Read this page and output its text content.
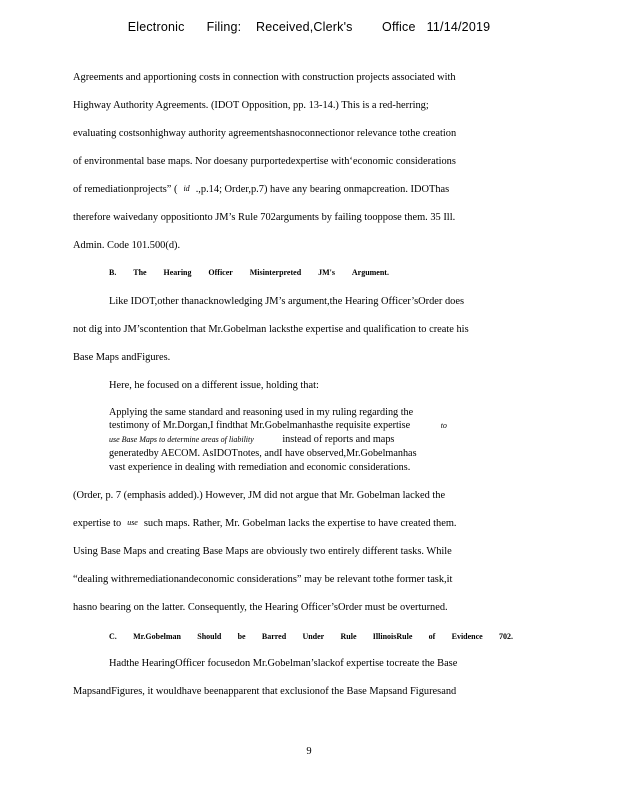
Electronic      Filing:    Received,Clerk's        Office   11/14/2019
Agreements and apportioning costs in connection with construction projects associated with
Highway Authority Agreements. (IDOT Opposition, pp. 13-14.) This is a red-herring;
evaluating costsonhighway authority agreementshasnoconnectionor relevance tothe creation
of environmental base maps. Nor doesany purportedexpertise with‘economic considerations
of remediationprojects” ( id .,p.14; Order,p.7) have any bearing onmapcreation. IDOThas
therefore waivedany oppositionto JM’s Rule 702arguments by failing tooppose them. 35 Ill.
Admin. Code 101.500(d).
B. The Hearing Officer Misinterpreted JM's Argument.
Like IDOT,other thanacknowledging JM’s argument,the Hearing Officer’sOrder does
not dig into JM’scontention that Mr.Gobelman lacksthe expertise and qualification to create his
Base Maps andFigures.
Here, he focused on a different issue, holding that:
Applying the same standard and reasoning used in my ruling regarding the
testimony of Mr.Dorgan,I findthat Mr.Gobelmanhasthe requisite expertise	to
use Base Maps to determine areas of liability	instead of reports and maps
generatedby AECOM. AsIDOTnotes, andI have observed,Mr.Gobelmanhas
vast experience in dealing with remediation and economic considerations.
(Order, p. 7 (emphasis added).) However, JM did not argue that Mr. Gobelman lacked the
expertise to use such maps. Rather, Mr. Gobelman lacks the expertise to have created them.
Using Base Maps and creating Base Maps are obviously two entirely different tasks. While
“dealing withremediationandeconomic considerations” may be relevant tothe former task,it
hasno bearing on the latter. Consequently, the Hearing Officer’sOrder must be overturned.
C. Mr.Gobelman Should be Barred Under Rule IllinoisRule of Evidence 702.
Hadthe HearingOfficer focusedon Mr.Gobelman’slackof expertise tocreate the Base
MapsandFigures, it wouldhave beenapparent that exclusionof the Base Mapsand Figuresand
9
